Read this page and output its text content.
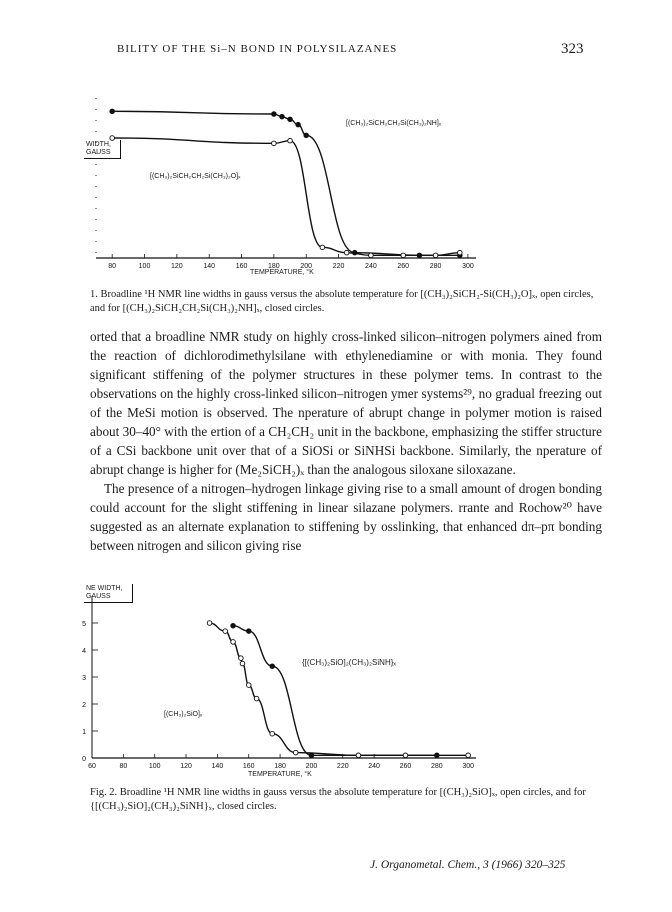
BILITY OF THE Si–N BOND IN POLYSILAZANES	323
80	100	120	140	160	180	200	220	240	260	280	300
WIDTH, GAUSS
[(CH₃)₂SiCH₂CH₂Si(CH₃)₂NH]ₓ
[(CH₃)₂SiCH₂CH₂Si(CH₃)₂O]ₓ
TEMPERATURE, °K
1. Broadline ¹H NMR line widths in gauss versus the absolute temperature for [(CH₃)₂SiCH₂-Si(CH₃)₂O]ₓ, open circles, and for [(CH₃)₂SiCH₂CH₂Si(CH₃)₂NH]ₓ, closed circles.

orted that a broadline NMR study on highly cross-linked silicon–nitrogen polymers ained from the reaction of dichlorodimethylsilane with ethylenediamine or with monia. They found significant stiffening of the polymer structures in these polymer tems. In contrast to the observations on the highly cross-linked silicon–nitrogen ymer systems²⁹, no gradual freezing out of the MeSi motion is observed. The nperature of abrupt change in polymer motion is raised about 30–40° with the ertion of a CH₂CH₂ unit in the backbone, emphasizing the stiffer structure of a CSi backbone unit over that of a SiOSi or SiNHSi backbone. Similarly, the nperature of abrupt change is higher for (Me₂SiCH₂)ₓ than the analogous siloxane siloxazane.

The presence of a nitrogen–hydrogen linkage giving rise to a small amount of drogen bonding could account for the slight stiffening in linear silazane polymers. rrante and Rochow²⁰ have suggested as an alternate explanation to stiffening by osslinking, that enhanced dπ–pπ bonding between nitrogen and silicon giving rise

60	80	100	120	140	160	180	200	220	240	260	280	300
0
1
2
3
4
5
NE WIDTH, GAUSS
{[(CH₃)₂SiO]₂(CH₃)₂SiNH}ₓ
[(CH₃)₂SiO]ₓ
TEMPERATURE, °K
Fig. 2. Broadline ¹H NMR line widths in gauss versus the absolute temperature for [(CH₃)₂SiO]ₓ, open circles, and for {[(CH₃)₂SiO]₂(CH₃)₂SiNH}ₓ, closed circles.
J. Organometal. Chem., 3 (1966) 320–325
